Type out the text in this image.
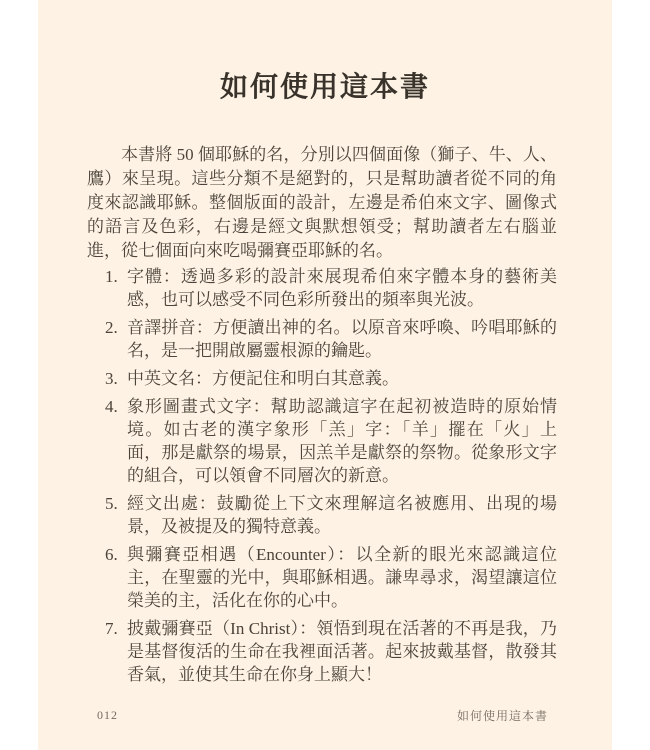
如何使用這本書

本書將 50 個耶穌的名，分別以四個面像（獅子、牛、人、鷹）來呈現。這些分類不是絕對的，只是幫助讀者從不同的角度來認識耶穌。整個版面的設計，左邊是希伯來文字、圖像式的語言及色彩，右邊是經文與默想領受；幫助讀者左右腦並進，從七個面向來吃喝彌賽亞耶穌的名。

1. 字體：透過多彩的設計來展現希伯來字體本身的藝術美感，也可以感受不同色彩所發出的頻率與光波。
2. 音譯拼音：方便讀出神的名。以原音來呼喚、吟唱耶穌的名，是一把開啟屬靈根源的鑰匙。
3. 中英文名：方便記住和明白其意義。
4. 象形圖畫式文字：幫助認識這字在起初被造時的原始情境。如古老的漢字象形「羔」字：「羊」擺在「火」上面，那是獻祭的場景，因羔羊是獻祭的祭物。從象形文字的組合，可以領會不同層次的新意。
5. 經文出處：鼓勵從上下文來理解這名被應用、出現的場景，及被提及的獨特意義。
6. 與彌賽亞相遇（Encounter）：以全新的眼光來認識這位主，在聖靈的光中，與耶穌相遇。謙卑尋求，渴望讓這位榮美的主，活化在你的心中。
7. 披戴彌賽亞（In Christ）：領悟到現在活著的不再是我，乃是基督復活的生命在我裡面活著。起來披戴基督，散發其香氣，並使其生命在你身上顯大！
012	如何使用這本書
